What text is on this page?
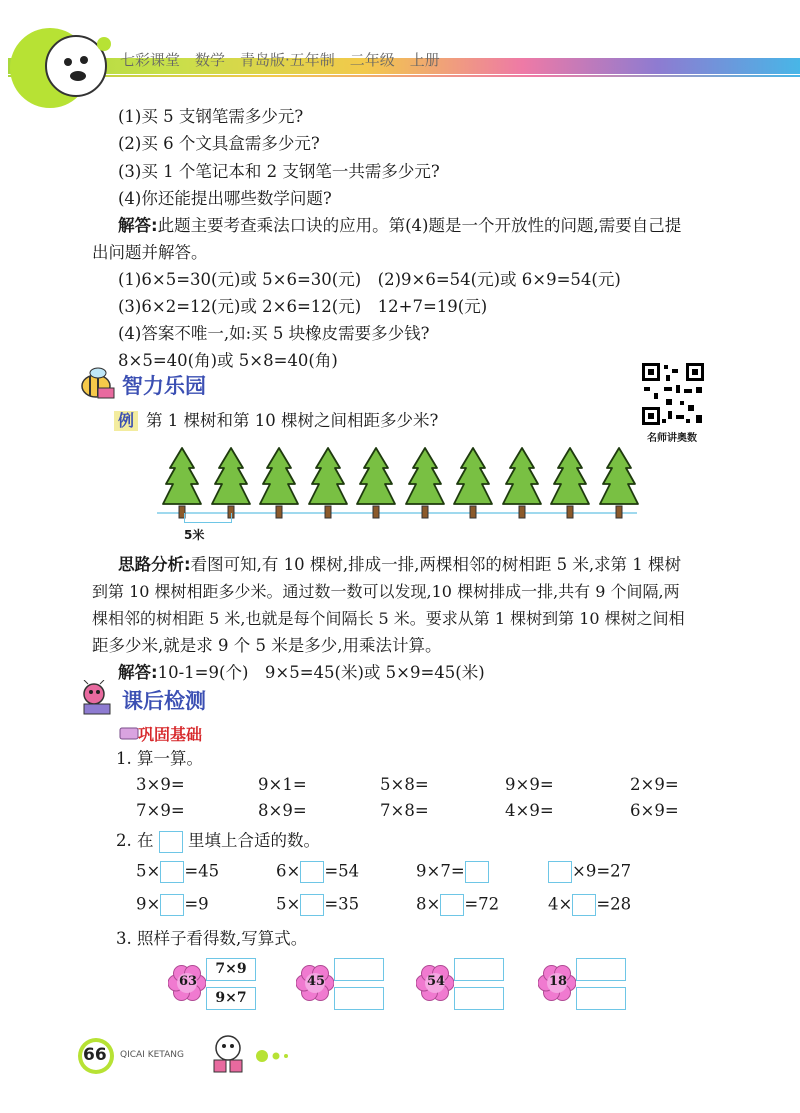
七彩课堂　数学　青岛版·五年制　二年级　上册
(1)买 5 支钢笔需多少元?
(2)买 6 个文具盒需多少元?
(3)买 1 个笔记本和 2 支钢笔一共需多少元?
(4)你还能提出哪些数学问题?
解答:此题主要考查乘法口诀的应用。第(4)题是一个开放性的问题,需要自己提
出问题并解答。
(1)6×5=30(元)或 5×6=30(元)　(2)9×6=54(元)或 6×9=54(元)
(3)6×2=12(元)或 2×6=12(元)　12+7=19(元)
(4)答案不唯一,如:买 5 块橡皮需要多少钱?
8×5=40(角)或 5×8=40(角)
智力乐园
名师讲奥数
例 第 1 棵树和第 10 棵树之间相距多少米?
5米
思路分析:看图可知,有 10 棵树,排成一排,两棵相邻的树相距 5 米,求第 1 棵树
到第 10 棵树相距多少米。通过数一数可以发现,10 棵树排成一排,共有 9 个间隔,两
棵相邻的树相距 5 米,也就是每个间隔长 5 米。要求从第 1 棵树到第 10 棵树之间相
距多少米,就是求 9 个 5 米是多少,用乘法计算。
解答:10-1=9(个)　9×5=45(米)或 5×9=45(米)
课后检测
巩固基础
1. 算一算。
3×9=	9×1=	5×8=	9×9=	2×9=
7×9=	8×9=	7×8=	4×9=	6×9=
2. 在 里填上合适的数。
5× =45	6× =54	9×7=	×9=27
9× =9	5× =35	8× =72	4× =28
3. 照样子看得数,写算式。
63
7×9
9×7
45	54	18
66 QICAI KETANG
